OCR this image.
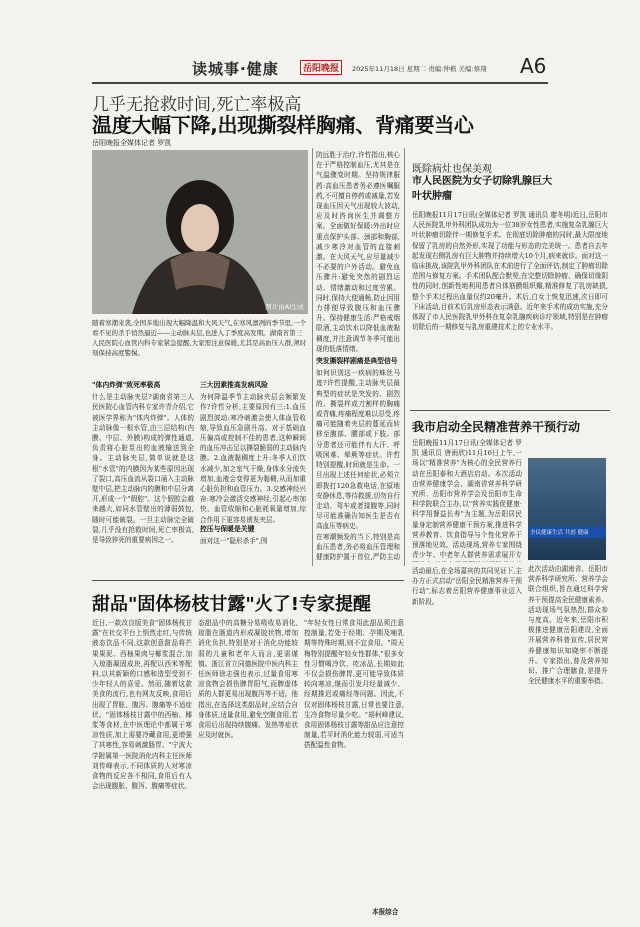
读城事·健康	岳阳晚报	2025年11月18日 星期二 责编:钟楷 美编:蔡翔 A6
几乎无抢救时间,死亡率极高
温度大幅下降,出现撕裂样胸痛、背痛要当心
岳阳晚报全媒体记者 罗凯
图片由AI生成
随着寒潮来袭,全国多地出现大幅降温和大风天气,在寒风凛冽的季节里,一个看不见的杀手悄然逼近——主动脉夹层,也进入了季度高发期。湖南省第三人民医院心血管内科专家紧急提醒,大家需注意保暖,尤其是高血压人群,须时刻保持高度警惕。
"体内炸弹"致死率极高
什么是主动脉夹层?湖南省第三人民医院心血管内科专家许青介绍,它被医学界称为"体内炸弹"。人体的主动脉像一根水管,由三层结构(内膜、中层、外膜)构成的弹性通道,负责将心脏泵出的血液输送到全身。主动脉夹层,简单说就是这根"水管"的内膜因为某些原因出现了裂口,高压血流从裂口涌入主动脉壁中层,把主动脉内的膜和中层分离开,形成一个"假腔"。这个假腔会越来越大,如同水管壁出的薄弱鼓包,随时可能破裂。一旦主动脉完全破裂,几乎没有抢救时间,死亡率极高,是导致猝死的重要病因之一。
三大因素推高发病风险
为何降温季节主动脉夹层会频繁发作?许哲分析,主要原因有三:1.血压剧烈波动:寒冷刺激会使人体血管收缩,导致血压急剧升高。对于基础血压偏高或控制不佳的患者,这种瞬间的血压冲击足以撕裂脆弱的主动脉内膜。2.血液黏稠度上升:冬季人们饮水减少,加之室气干燥,身体水分流失增加,血液会变得更为黏稠,从而加重心脏负担和血管压力。3.交感神经兴奋:寒冷会激活交感神经,引起心率加快、血管收缩和心脏耗氧量增加,综合作用下更容易诱发夹层。
控压与保暖是关键
面对这一"隐形杀手",围
防远胜于治疗,许哲指出,核心在于严格控制血压,尤其是在气温骤变时期。坚持规律服药:高血压患者务必遵医嘱服药,不可擅自停药或减量,若发现血压因天气出现较大波动,应及时咨询医生并调整方案。全面做好保暖:外出时应重点保护头部、颈部和胸部,减少寒冷对血管的直接刺激。在大风天气,应尽量减少不必要的户外活动。避免血压骤升:避免突然的剧烈运动、情绪激动和过度劳累。同时,保持大便通畅,防止因用力排便导致腹压和血压骤升。保持健康生活:严格戒烟限酒,主动饮水以降低血液黏稠度,并注意调节冬季可能出现的低落情绪。
突发撕裂样剧痛是典型信号
如何识别这一疾病的蛛丝马迹?许哲提醒,主动脉夹层最典型的症状是突发的、剧烈的、撕裂样或刀割样的胸痛或背痛,疼痛程度难以忍受,疼痛可能随着夹层的蔓延而转移至腹部、腰部或下肢。部分患者还可能伴有大汗、呼吸困难、晕厥等症状。许哲特别提醒,时间就是生命。一旦出现上述任何症状,必须立即拨打120急救电话,在原地安静休息,等待救援,切勿自行走动、驾车或者揉腹等,同时尽可能准确告知医生是否有高血压等病史。
在寒潮频发的当下,特别是高血压患者,务必将血压管理和健康防护置于首位,严防主动
既除病灶也保美观
市人民医院为女子切除乳腺巨大叶状肿瘤
岳阳晚报11月17日讯(全媒体记者 罗凯 通讯员 廖冬明)近日,岳阳市人民医院乳甲外科团队成功为一位38岁女性患者,实施复杂乳腺巨大叶状肿瘤切除伴一期修复手术。在彻底切除肿瘤的同时,最大限度地保留了乳房的自然外形,实现了功能与形态的完美统一。患者自去年起发现右侧乳房有巨大肿物并持续增大10个月,病来就诊。面对这一临床挑战,该院乳甲外科团队在术前进行了全面评估,制定了肿瘤切除范围与修复方案。手术团队配合默契,在完整切除肿瘤、确保切缘阴性的同时,创新性地利用患者自体筋膜组织瓣,精准修复了乳房缺损,整个手术过程出血量仅约20毫升。术后,白女士恢复迅速,次日即可下床活动,目前术后乳房形态表示满意。近年来手术的成功实施,充分体现了市人民医院乳甲外科在复杂乳腺疾病诊疗领域,特别是在肿瘤切除后的一期修复与乳房重建技术上的专业水平。
我市启动全民精准营养干预行动
岳阳晚报11月17日讯(全媒体记者 罗凯 通讯员 唐雨欣)11月16日上午,一场以"精准营养"为核心的全民营养行动在岳阳泰和大酒店启动。本次活动由营养健康学会、湖南省营养科学研究所、岳阳市营养学会及岳阳市生命科学院联合主办,以"营养实践促健康·科学用餐益长寿"为主题,为岳阳居民量身定制营养健康干预方案,推进科学营养教育、饮食指导与个性化营养干预落地见效。活动现场,营养专家围绕青少年、中老年人群营养需求展开专
全民健康生活 共创 健康
此次活动由湖南省、岳阳市营养科学研究所、营养学会联合组织,旨在通过科学营养干预提高全民健康素养。活动现场气氛热烈,群众参与度高。近年来,岳阳市积极推进健康岳阳建设,全面开展营养科普宣传,居民营养健康知识知晓率不断提升。专家指出,普及营养知识、推广合理膳食,是提升全民健康水平的重要举措。
活动最后,在全场嘉宾的共同见证下,主办方正式启动"岳阳全民精准营养干预行动",标志着岳阳营养健康事业迈入新阶段。
甜品"固体杨枝甘露"火了!专家提醒
近日,一款改良版美食"固体杨枝甘露"在社交平台上悄然走红,与传统液态饮品不同,这款创意甜品将芒果果泥、西柚果肉与椰浆混合,加入琼脂凝固成块,再配以西米等配料,以其新颖的口感和造型受到不少年轻人的喜爱。然而,随着这款美食的流行,也有网友反映,食用后出现了胃胀、腹泻、腹痛等不适症状。"固体杨枝甘露中的西柚、椰浆等食材,在中医理论中都属于寒凉性质,加上需要冷藏食用,更增强了其寒性,容易刺激肠胃。"宁波大学附属第一医院消化内科主任医师刘传峰表示,不同体质的人对寒凉食物的反应各不相同,食用后有人会出现腹胀、腹泻、腹痛等症状。
态甜品中的高糖分易吸收易消化,琼脂在肠道内形成凝胶状物,增加消化负担,特别是对于消化功能较弱的儿童和老年人而言,更需谨慎。浙江省立同德医院中医内科主任医师徐志强也表示,过量食用寒凉食物会损伤脾胃阳气,而脾虚体质的人群更易出现腹泻等不适。他指出,在选择这类甜品时,应结合自身体质,适量食用,避免空腹食用,若食用后出现持续腹痛、发热等症状应及时就医。
"年轻女性日常食用此甜品须注意控制量,若处于经期、孕期及哺乳期等特殊时期,则不宜食用。"周天梅特别提醒年轻女性群体,"很多女性习惯喝冷饮、吃冰品,长期如此不仅会损伤脾胃,更可能导致体质转向寒凉,继而引发月经量减少、经期推迟或痛经等问题。因此,不仅对固体杨枝甘露,日常也要注意,生冷食物尽量少吃。"胡柯峰建议,食用固体杨枝甘露等甜品应注意控制量,若平时消化能力较弱,可适当搭配温性食物。
本报综合
